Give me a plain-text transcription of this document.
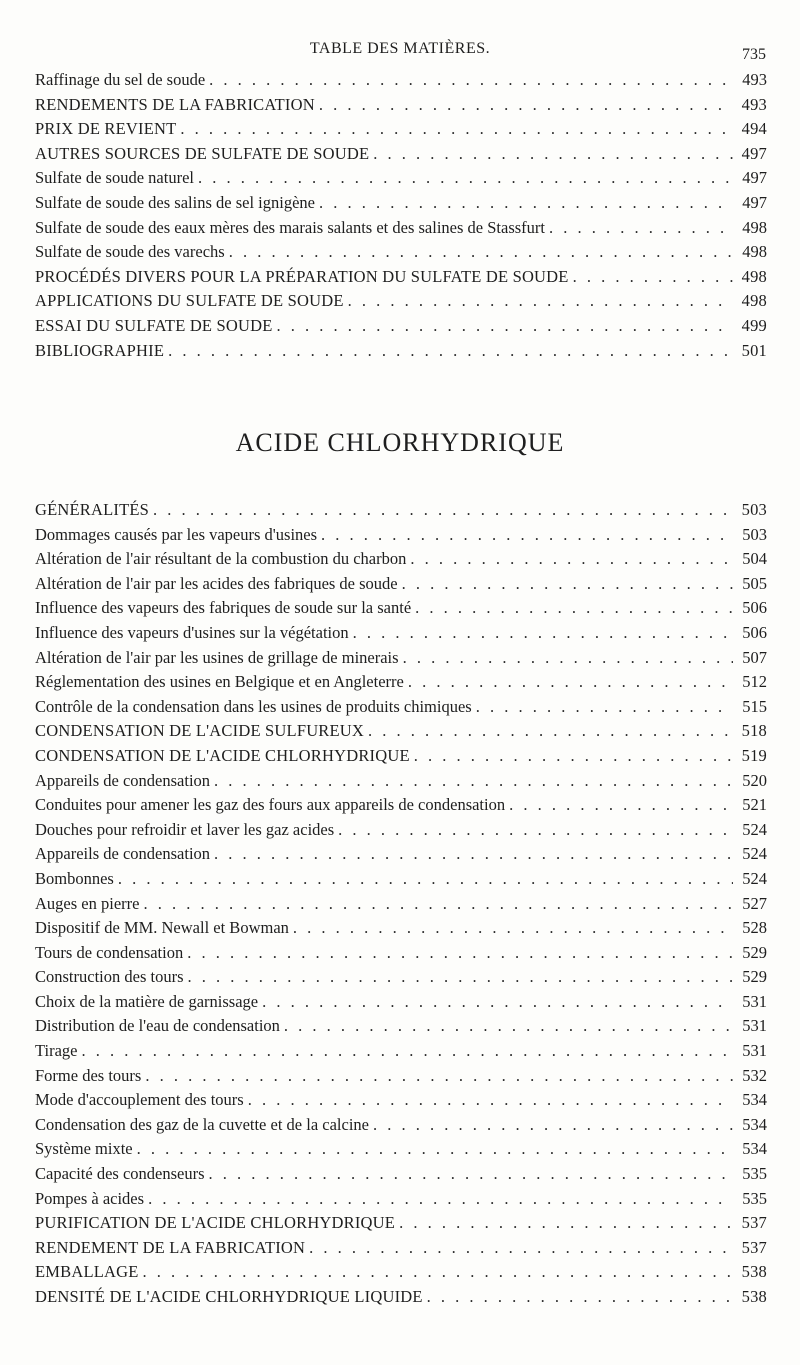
TABLE DES MATIÈRES.	735
Raffinage du sel de soude . . .	493
RENDEMENTS DE LA FABRICATION . . .	493
PRIX DE REVIENT . . .	494
AUTRES SOURCES DE SULFATE DE SOUDE . . .	497
Sulfate de soude naturel . . .	497
Sulfate de soude des salins de sel ignigène . . .	497
Sulfate de soude des eaux mères des marais salants et des salines de Stassfurt . . .	498
Sulfate de soude des varechs . . .	498
PROCÉDÉS DIVERS POUR LA PRÉPARATION DU SULFATE DE SOUDE . . .	498
APPLICATIONS DU SULFATE DE SOUDE . . .	498
ESSAI DU SULFATE DE SOUDE . . .	499
BIBLIOGRAPHIE . . .	501
ACIDE CHLORHYDRIQUE
GÉNÉRALITÉS . . .	503
Dommages causés par les vapeurs d'usines . . .	503
Altération de l'air résultant de la combustion du charbon . . .	504
Altération de l'air par les acides des fabriques de soude . . .	505
Influence des vapeurs des fabriques de soude sur la santé . . .	506
Influence des vapeurs d'usines sur la végétation . . .	506
Altération de l'air par les usines de grillage de minerais . . .	507
Réglementation des usines en Belgique et en Angleterre . . .	512
Contrôle de la condensation dans les usines de produits chimiques . . .	515
CONDENSATION DE L'ACIDE SULFUREUX . . .	518
CONDENSATION DE L'ACIDE CHLORHYDRIQUE . . .	519
Appareils de condensation . . .	520
Conduites pour amener les gaz des fours aux appareils de condensation . . .	521
Douches pour refroidir et laver les gaz acides . . .	524
Appareils de condensation . . .	524
Bombonnes . . .	524
Auges en pierre . . .	527
Dispositif de MM. Newall et Bowman . . .	528
Tours de condensation . . .	529
Construction des tours . . .	529
Choix de la matière de garnissage . . .	531
Distribution de l'eau de condensation . . .	531
Tirage . . .	531
Forme des tours . . .	532
Mode d'accouplement des tours . . .	534
Condensation des gaz de la cuvette et de la calcine . . .	534
Système mixte . . .	534
Capacité des condenseurs . . .	535
Pompes à acides . . .	535
PURIFICATION DE L'ACIDE CHLORHYDRIQUE . . .	537
RENDEMENT DE LA FABRICATION . . .	537
EMBALLAGE . . .	538
DENSITÉ DE L'ACIDE CHLORHYDRIQUE LIQUIDE . . .	538
